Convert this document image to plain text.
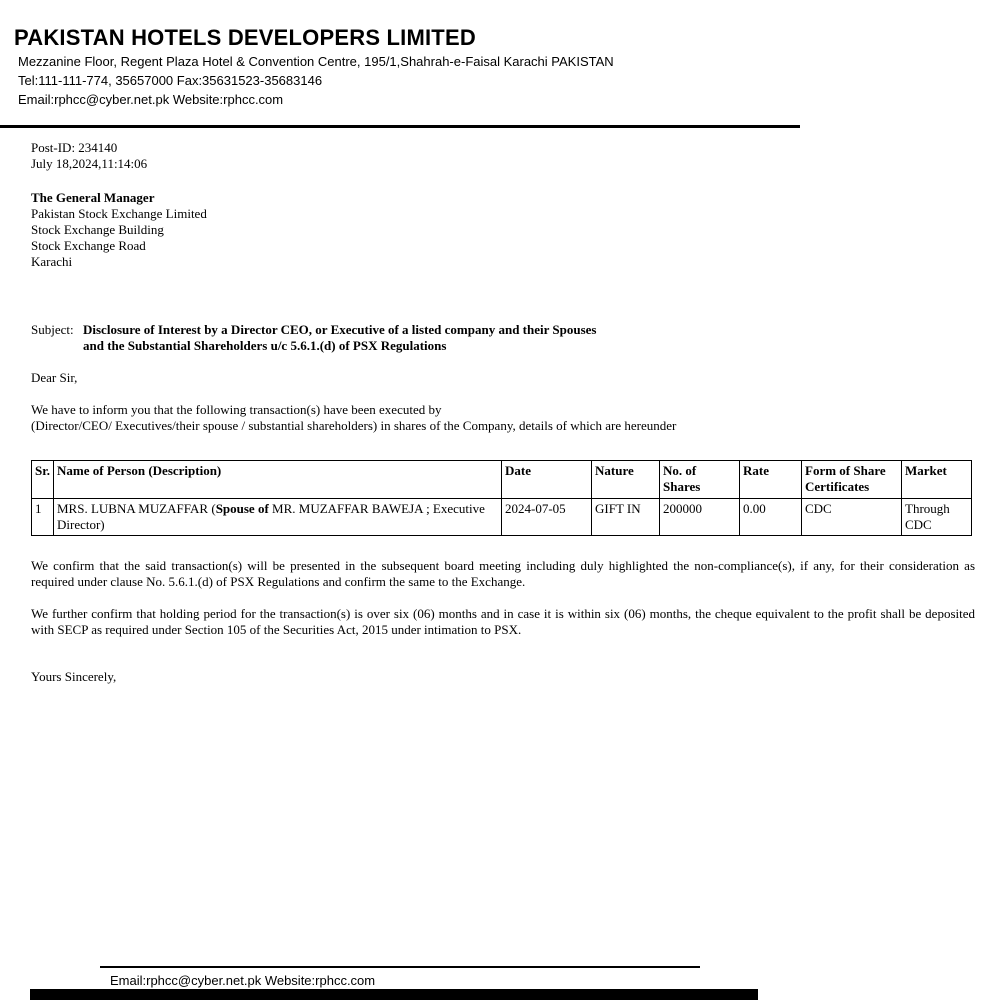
PAKISTAN HOTELS DEVELOPERS LIMITED
Mezzanine Floor, Regent Plaza Hotel & Convention Centre, 195/1,Shahrah-e-Faisal Karachi PAKISTAN
Tel:111-111-774, 35657000 Fax:35631523-35683146
Email:rphcc@cyber.net.pk Website:rphcc.com
Post-ID: 234140
July 18,2024,11:14:06
The General Manager
Pakistan Stock Exchange Limited
Stock Exchange Building
Stock Exchange Road
Karachi
Subject: Disclosure of Interest by a Director CEO, or Executive of a listed company and their Spouses
and the Substantial Shareholders u/c 5.6.1.(d) of PSX Regulations

Dear Sir,

We have to inform you that the following transaction(s) have been executed by
(Director/CEO/ Executives/their spouse / substantial shareholders) in shares of the Company, details of which are hereunder
Sr.	Name of Person (Description)	Date	Nature	No. of Shares	Rate	Form of Share Certificates	Market
1	MRS. LUBNA MUZAFFAR (Spouse of MR. MUZAFFAR BAWEJA ; Executive Director)	2024-07-05	GIFT IN	200000	0.00	CDC	Through CDC

We confirm that the said transaction(s) will be presented in the subsequent board meeting including duly highlighted the non-compliance(s), if any, for their consideration as required under clause No. 5.6.1.(d) of PSX Regulations and confirm the same to the Exchange.

We further confirm that holding period for the transaction(s) is over six (06) months and in case it is within six (06) months, the cheque equivalent to the profit shall be deposited with SECP as required under Section 105 of the Securities Act, 2015 under intimation to PSX.

Yours Sincerely,

Email:rphcc@cyber.net.pk Website:rphcc.com
